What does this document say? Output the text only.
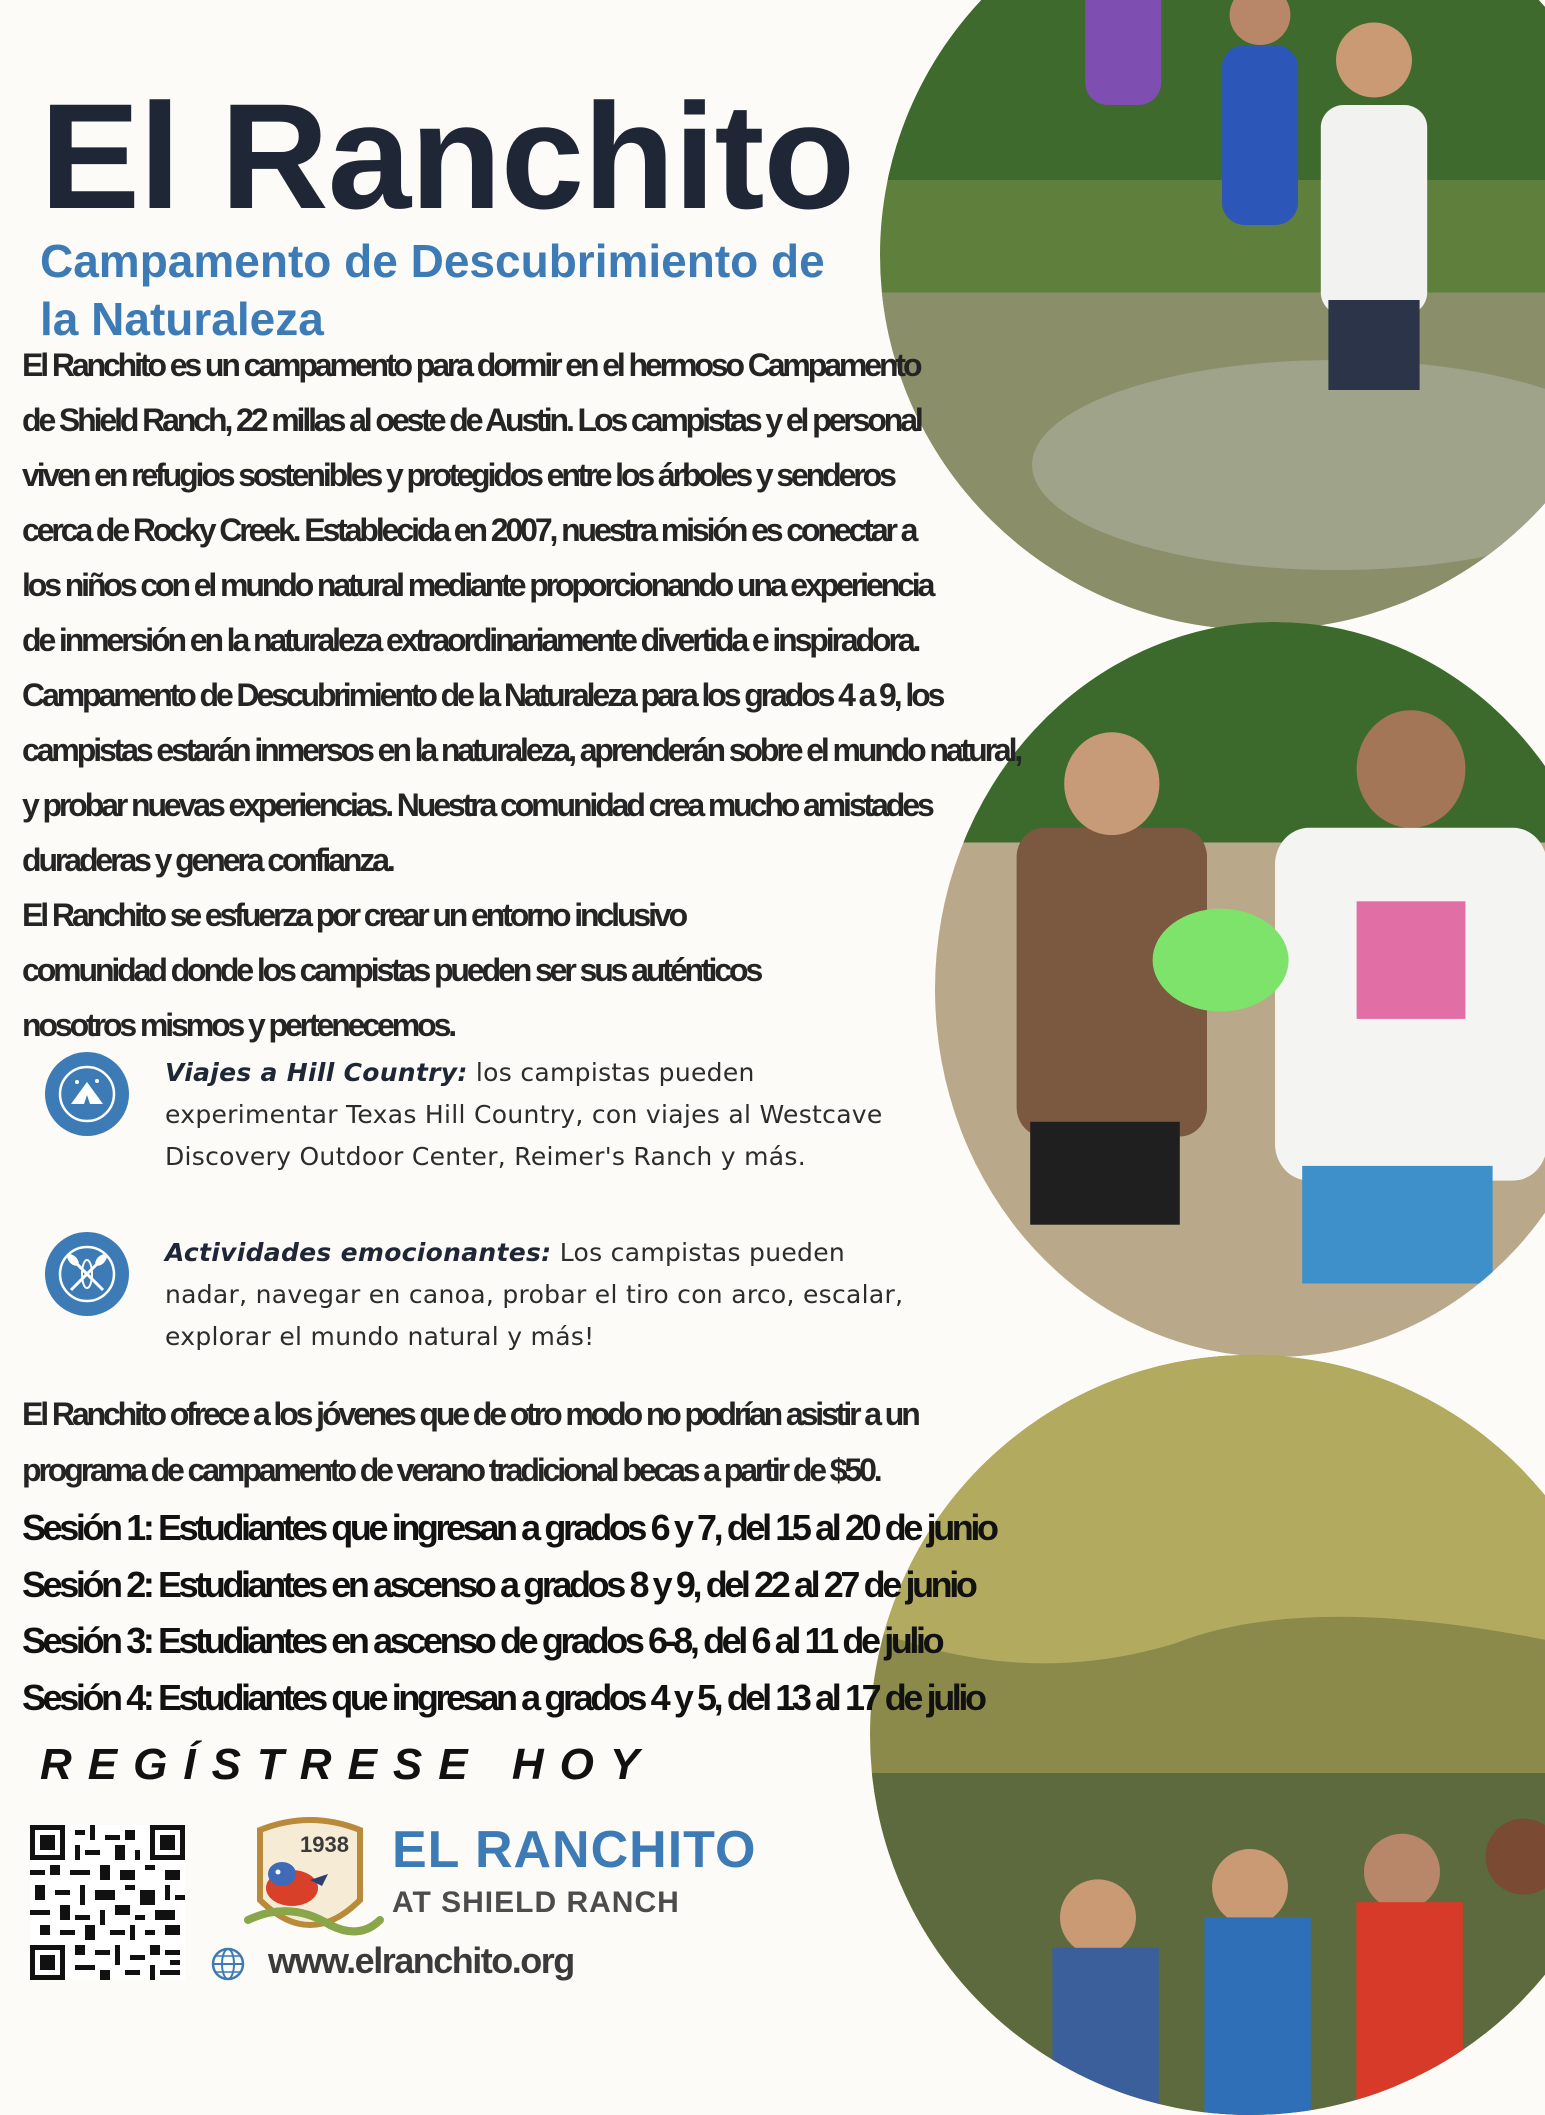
El Ranchito
Campamento de Descubrimiento de la Naturaleza

El Ranchito es un campamento para dormir en el hermoso Campamento de Shield Ranch, 22 millas al oeste de Austin. Los campistas y el personal viven en refugios sostenibles y protegidos entre los árboles y senderos cerca de Rocky Creek. Establecida en 2007, nuestra misión es conectar a los niños con el mundo natural mediante proporcionando una experiencia de inmersión en la naturaleza extraordinariamente divertida e inspiradora.

Campamento de Descubrimiento de la Naturaleza para los grados 4 a 9, los campistas estarán inmersos en la naturaleza, aprenderán sobre el mundo natural, y probar nuevas experiencias. Nuestra comunidad crea mucho amistades duraderas y genera confianza.

El Ranchito se esfuerza por crear un entorno inclusivo comunidad donde los campistas pueden ser sus auténticos nosotros mismos y pertenecemos.

Viajes a Hill Country: los campistas pueden experimentar Texas Hill Country, con viajes al Westcave Discovery Outdoor Center, Reimer's Ranch y más.
Actividades emocionantes: Los campistas pueden nadar, navegar en canoa, probar el tiro con arco, escalar, explorar el mundo natural y más!
El Ranchito ofrece a los jóvenes que de otro modo no podrían asistir a un programa de campamento de verano tradicional becas a partir de $50.
Sesión 1: Estudiantes que ingresan a grados 6 y 7, del 15 al 20 de junio
Sesión 2: Estudiantes en ascenso a grados 8 y 9, del 22 al 27 de junio
Sesión 3: Estudiantes en ascenso de grados 6-8, del 6 al 11 de julio
Sesión 4: Estudiantes que ingresan a grados 4 y 5, del 13 al 17 de julio
REGÍSTRESE HOY
1938 EL RANCHITO
AT SHIELD RANCH
www.elranchito.org
